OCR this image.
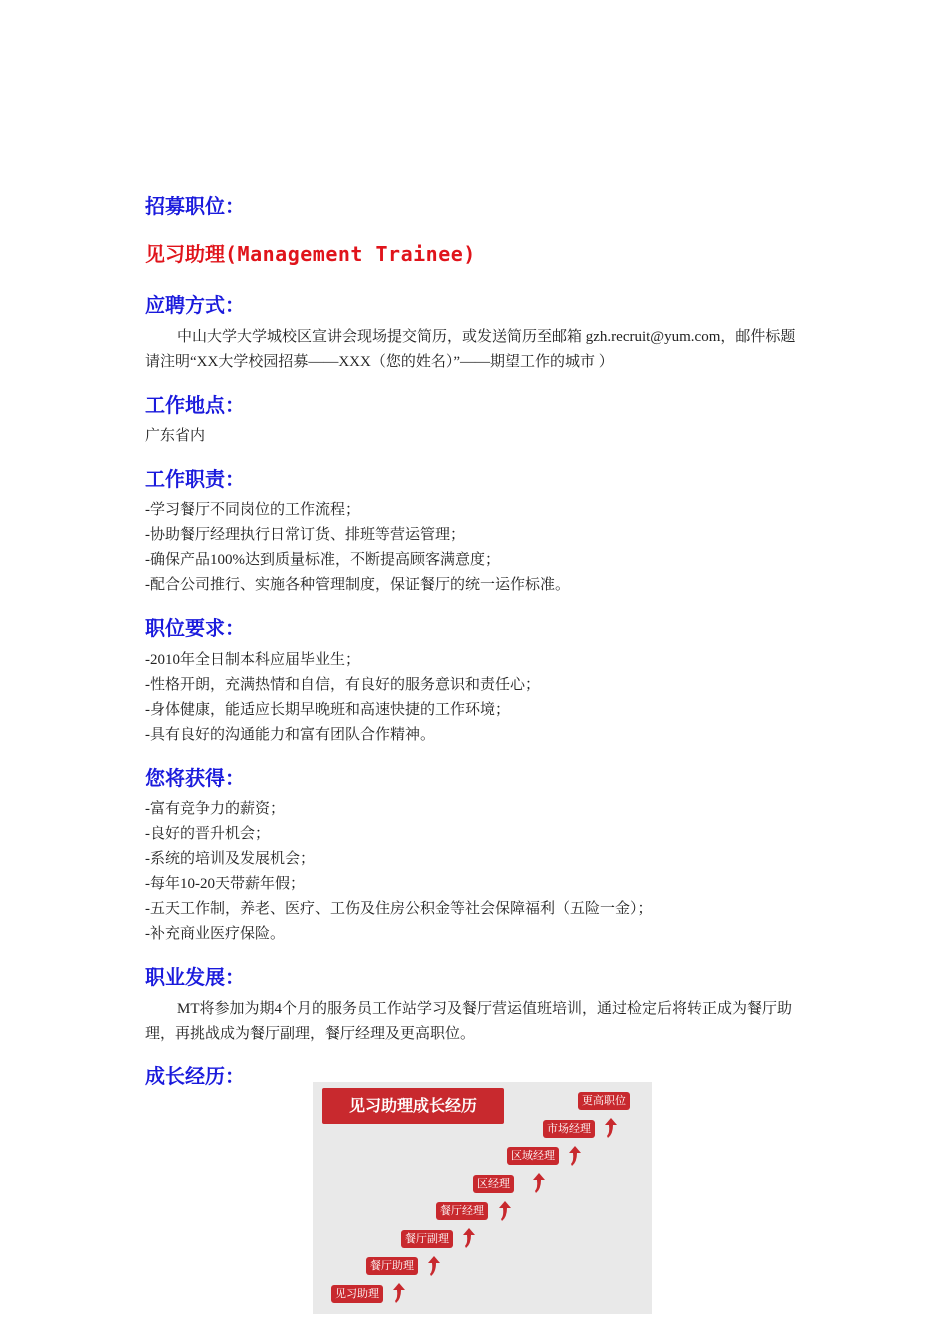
招募职位：
见习助理(Management Trainee)
应聘方式：

中山大学大学城校区宣讲会现场提交简历，或发送简历至邮箱 gzh.recruit@yum.com，邮件标题请注明“XX大学校园招募——XXX（您的姓名）”——期望工作的城市 ）

工作地点：
广东省内
工作职责：
-学习餐厅不同岗位的工作流程；
-协助餐厅经理执行日常订货、排班等营运管理；
-确保产品100%达到质量标准，不断提高顾客满意度；
-配合公司推行、实施各种管理制度，保证餐厅的统一运作标准。
职位要求：
-2010年全日制本科应届毕业生；
-性格开朗，充满热情和自信，有良好的服务意识和责任心；
-身体健康，能适应长期早晚班和高速快捷的工作环境；
-具有良好的沟通能力和富有团队合作精神。
您将获得：
-富有竞争力的薪资；
-良好的晋升机会；
-系统的培训及发展机会；
-每年10-20天带薪年假；
-五天工作制，养老、医疗、工伤及住房公积金等社会保障福利（五险一金）；
-补充商业医疗保险。
职业发展：

MT将参加为期4个月的服务员工作站学习及餐厅营运值班培训，通过检定后将转正成为餐厅助理，再挑战成为餐厅副理，餐厅经理及更高职位。

成长经历：
见习助理成长经历
见习助理
餐厅助理
餐厅副理
餐厅经理
区经理
区域经理
市场经理
更高职位
